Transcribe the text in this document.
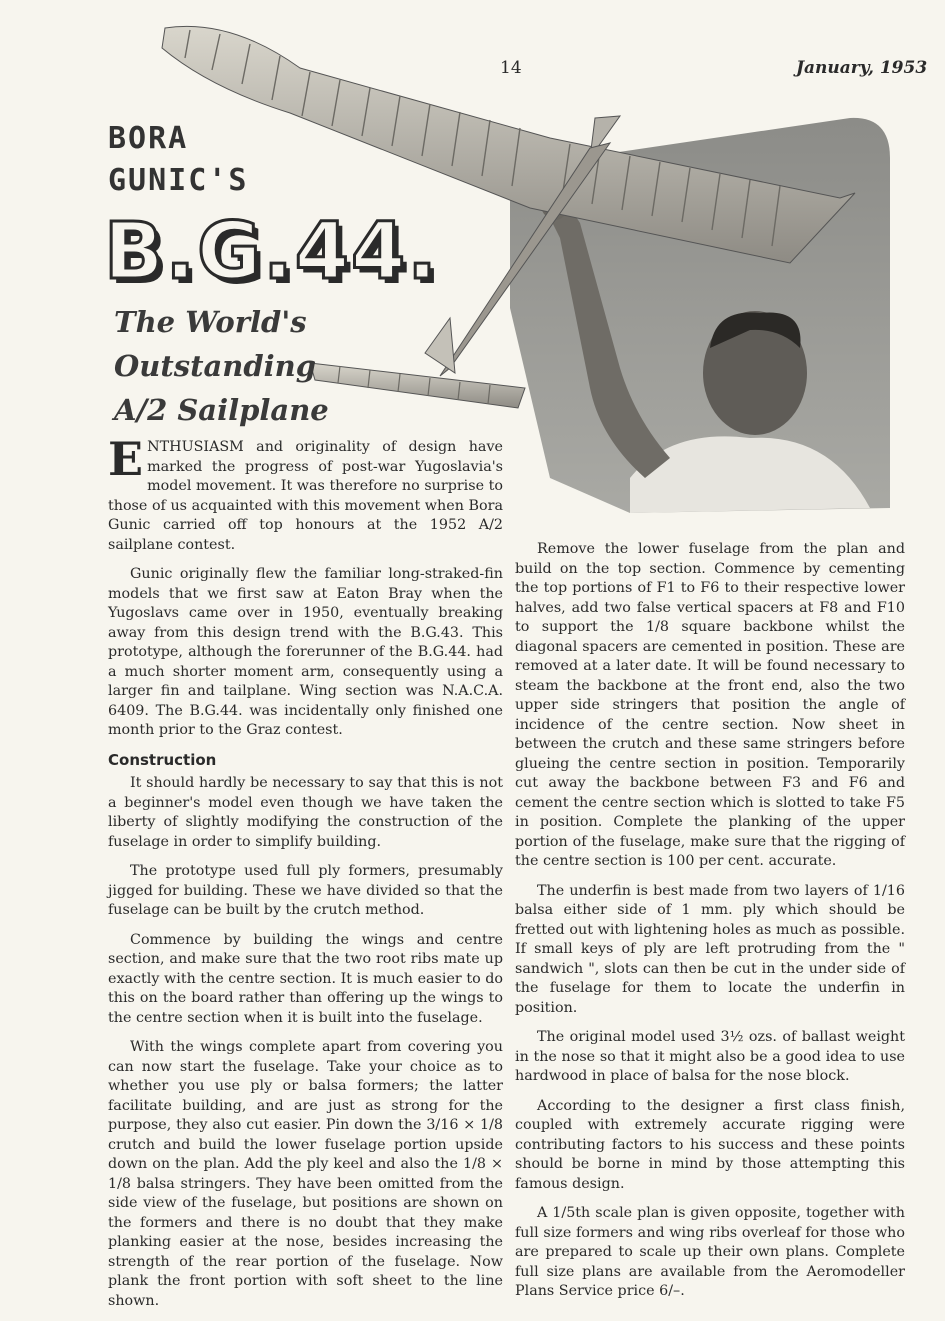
14	January, 1953
BORA
GUNIC'S
B.G.44.
The World's
Outstanding
A/2 Sailplane

ENTHUSIASM and originality of design have marked the progress of post-war Yugoslavia's model movement. It was therefore no surprise to those of us acquainted with this movement when Bora Gunic carried off top honours at the 1952 A/2 sailplane contest.

Gunic originally flew the familiar long-straked-fin models that we first saw at Eaton Bray when the Yugoslavs came over in 1950, eventually breaking away from this design trend with the B.G.43. This prototype, although the forerunner of the B.G.44. had a much shorter moment arm, consequently using a larger fin and tailplane. Wing section was N.A.C.A. 6409. The B.G.44. was incidentally only finished one month prior to the Graz contest.

Construction

It should hardly be necessary to say that this is not a beginner's model even though we have taken the liberty of slightly modifying the construction of the fuselage in order to simplify building.

The prototype used full ply formers, presumably jigged for building. These we have divided so that the fuselage can be built by the crutch method.

Commence by building the wings and centre section, and make sure that the two root ribs mate up exactly with the centre section. It is much easier to do this on the board rather than offering up the wings to the centre section when it is built into the fuselage.

With the wings complete apart from covering you can now start the fuselage. Take your choice as to whether you use ply or balsa formers; the latter facilitate building, and are just as strong for the purpose, they also cut easier. Pin down the 3/16 × 1/8 crutch and build the lower fuselage portion upside down on the plan. Add the ply keel and also the 1/8 × 1/8 balsa stringers. They have been omitted from the side view of the fuselage, but positions are shown on the formers and there is no doubt that they make planking easier at the nose, besides increasing the strength of the rear portion of the fuselage. Now plank the front portion with soft sheet to the line shown.

Remove the lower fuselage from the plan and build on the top section. Commence by cementing the top portions of F1 to F6 to their respective lower halves, add two false vertical spacers at F8 and F10 to support the 1/8 square backbone whilst the diagonal spacers are cemented in position. These are removed at a later date. It will be found necessary to steam the backbone at the front end, also the two upper side stringers that position the angle of incidence of the centre section. Now sheet in between the crutch and these same stringers before glueing the centre section in position. Temporarily cut away the backbone between F3 and F6 and cement the centre section which is slotted to take F5 in position. Complete the planking of the upper portion of the fuselage, make sure that the rigging of the centre section is 100 per cent. accurate.

The underfin is best made from two layers of 1/16 balsa either side of 1 mm. ply which should be fretted out with lightening holes as much as possible. If small keys of ply are left protruding from the " sandwich ", slots can then be cut in the under side of the fuselage for them to locate the underfin in position.

The original model used 3½ ozs. of ballast weight in the nose so that it might also be a good idea to use hardwood in place of balsa for the nose block.

According to the designer a first class finish, coupled with extremely accurate rigging were contributing factors to his success and these points should be borne in mind by those attempting this famous design.

A 1/5th scale plan is given opposite, together with full size formers and wing ribs overleaf for those who are prepared to scale up their own plans. Complete full size plans are available from the Aeromodeller Plans Service price 6/–.
